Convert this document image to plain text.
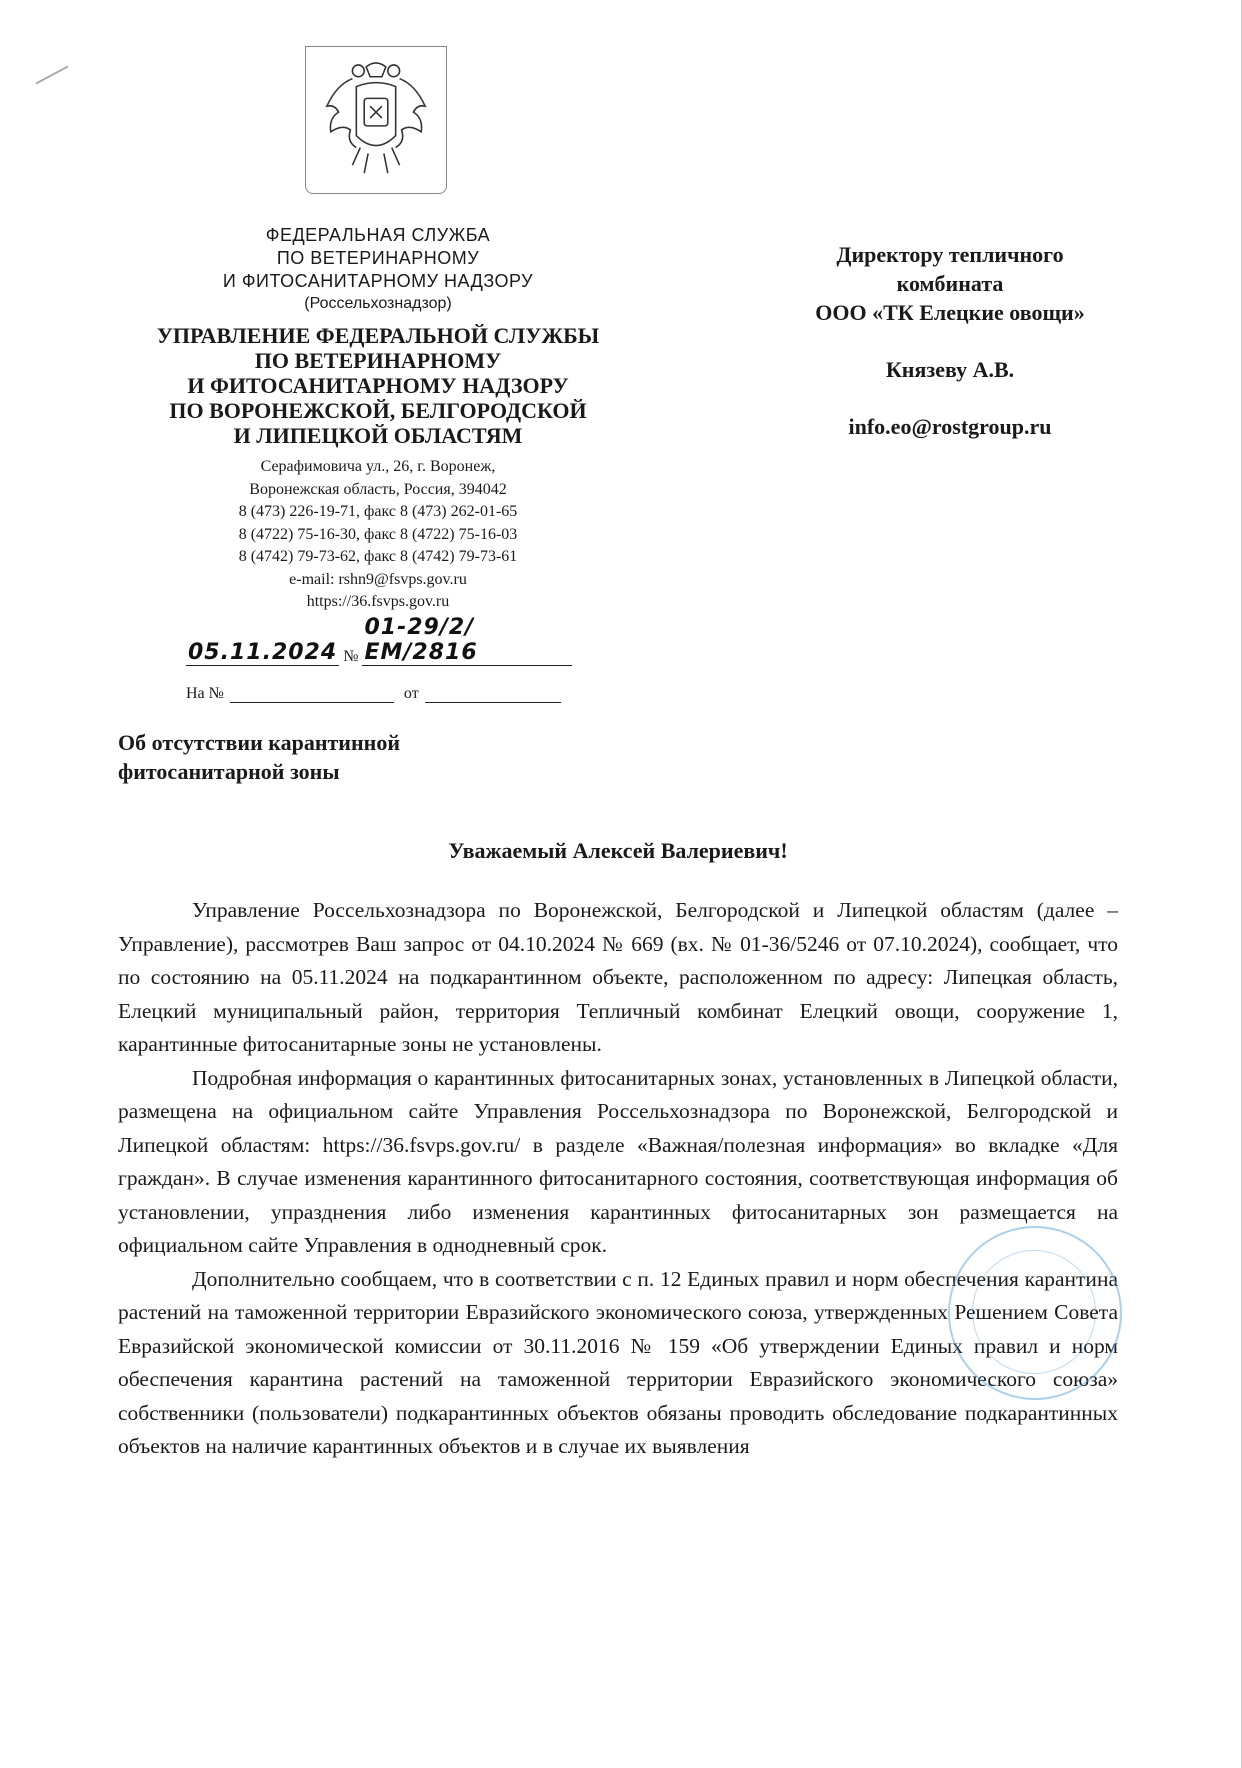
ФЕДЕРАЛЬНАЯ СЛУЖБА
ПО ВЕТЕРИНАРНОМУ
И ФИТОСАНИТАРНОМУ НАДЗОРУ
(Россельхознадзор)
УПРАВЛЕНИЕ ФЕДЕРАЛЬНОЙ СЛУЖБЫ
ПО ВЕТЕРИНАРНОМУ
И ФИТОСАНИТАРНОМУ НАДЗОРУ
ПО ВОРОНЕЖСКОЙ, БЕЛГОРОДСКОЙ
И ЛИПЕЦКОЙ ОБЛАСТЯМ
Серафимовича ул., 26, г. Воронеж,
Воронежская область, Россия, 394042
8 (473) 226-19-71, факс 8 (473) 262-01-65
8 (4722) 75-16-30, факс 8 (4722) 75-16-03
8 (4742) 79-73-62, факс 8 (4742) 79-73-61
e-mail: rshn9@fsvps.gov.ru
https://36.fsvps.gov.ru
05.11.2024 №
01-29/2/ЕМ/2816
На №	от
Об отсутствии карантинной
фитосанитарной зоны
Директору тепличного
комбината
ООО «ТК Елецкие овощи»
Князеву А.В.
info.eo@rostgroup.ru
Уважаемый Алексей Валериевич!

Управление Россельхознадзора по Воронежской, Белгородской и Липецкой областям (далее – Управление), рассмотрев Ваш запрос от 04.10.2024 № 669 (вх. № 01-36/5246 от 07.10.2024), сообщает, что по состоянию на 05.11.2024 на подкарантинном объекте, расположенном по адресу: Липецкая область, Елецкий муниципальный район, территория Тепличный комбинат Елецкий овощи, сооружение 1, карантинные фитосанитарные зоны не установлены.

Подробная информация о карантинных фитосанитарных зонах, установленных в Липецкой области, размещена на официальном сайте Управления Россельхознадзора по Воронежской, Белгородской и Липецкой областям: https://36.fsvps.gov.ru/ в разделе «Важная/полезная информация» во вкладке «Для граждан». В случае изменения карантинного фитосанитарного состояния, соответствующая информация об установлении, упразднения либо изменения карантинных фитосанитарных зон размещается на официальном сайте Управления в однодневный срок.

Дополнительно сообщаем, что в соответствии с п. 12 Единых правил и норм обеспечения карантина растений на таможенной территории Евразийского экономического союза, утвержденных Решением Совета Евразийской экономической комиссии от 30.11.2016 № 159 «Об утверждении Единых правил и норм обеспечения карантина растений на таможенной территории Евразийского экономического союза» собственники (пользователи) подкарантинных объектов обязаны проводить обследование подкарантинных объектов на наличие карантинных объектов и в случае их выявления
